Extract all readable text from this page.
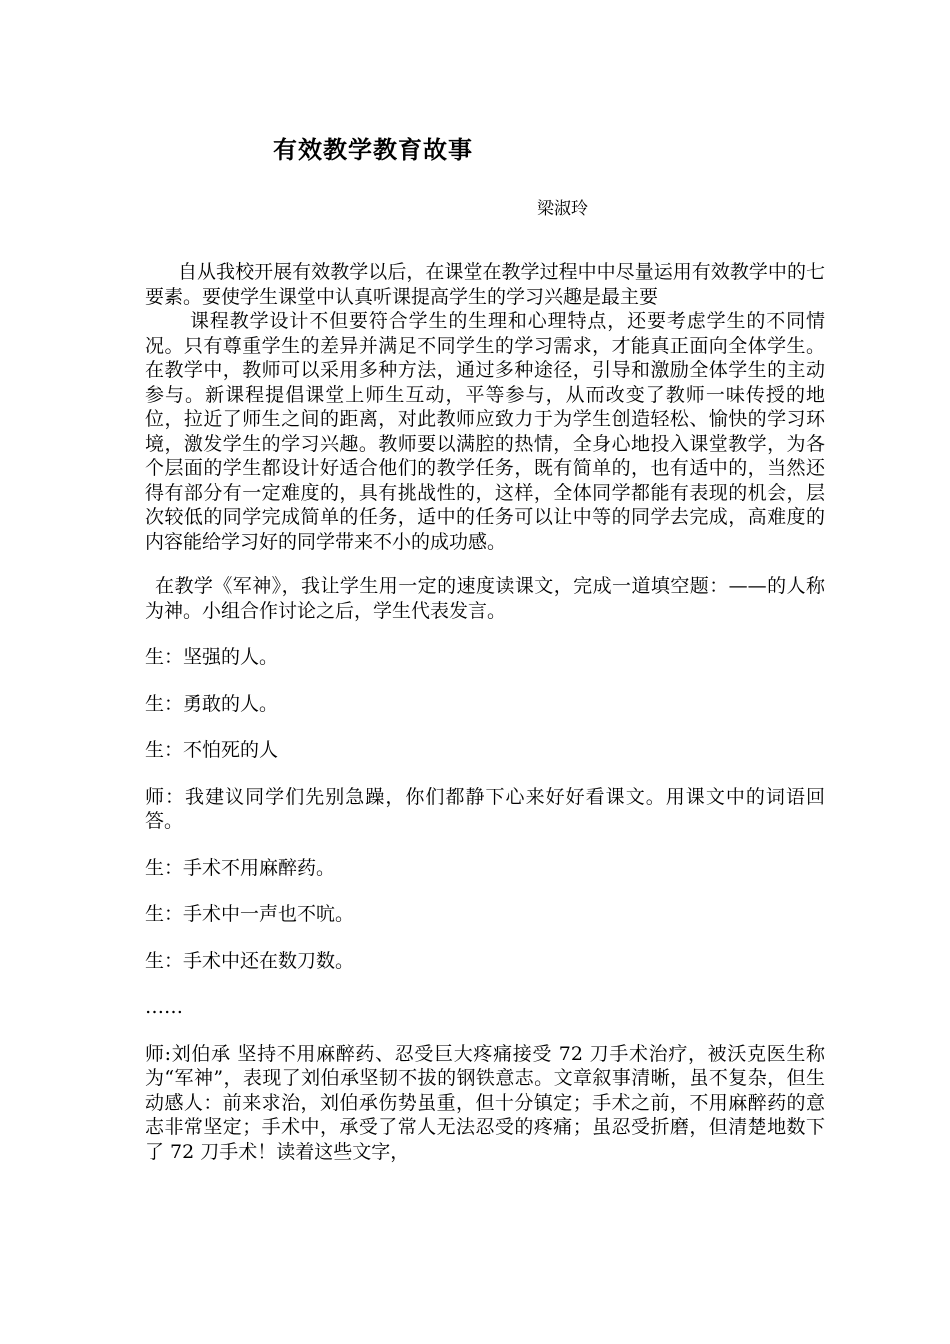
有效教学教育故事
梁淑玲

自从我校开展有效教学以后，在课堂在教学过程中中尽量运用有效教学中的七要素。要使学生课堂中认真听课提高学生的学习兴趣是最主要

课程教学设计不但要符合学生的生理和心理特点，还要考虑学生的不同情况。只有尊重学生的差异并满足不同学生的学习需求，才能真正面向全体学生。在教学中，教师可以采用多种方法，通过多种途径，引导和激励全体学生的主动参与。新课程提倡课堂上师生互动，平等参与，从而改变了教师一味传授的地位，拉近了师生之间的距离，对此教师应致力于为学生创造轻松、愉快的学习环境，激发学生的学习兴趣。教师要以满腔的热情，全身心地投入课堂教学，为各个层面的学生都设计好适合他们的教学任务，既有简单的，也有适中的，当然还得有部分有一定难度的，具有挑战性的，这样，全体同学都能有表现的机会，层次较低的同学完成简单的任务，适中的任务可以让中等的同学去完成，高难度的内容能给学习好的同学带来不小的成功感。

在教学《军神》，我让学生用一定的速度读课文，完成一道填空题：——的人称为神。小组合作讨论之后，学生代表发言。

生：坚强的人。

生：勇敢的人。

生：不怕死的人

师：我建议同学们先别急躁，你们都静下心来好好看课文。用课文中的词语回答。

生：手术不用麻醉药。

生：手术中一声也不吭。

生：手术中还在数刀数。

……

师:刘伯承 坚持不用麻醉药、忍受巨大疼痛接受 72 刀手术治疗，被沃克医生称为“军神”，表现了刘伯承坚韧不拔的钢铁意志。文章叙事清晰，虽不复杂，但生动感人：前来求治，刘伯承伤势虽重，但十分镇定；手术之前，不用麻醉药的意志非常坚定；手术中，承受了常人无法忍受的疼痛；虽忍受折磨，但清楚地数下了 72 刀手术！读着这些文字，
